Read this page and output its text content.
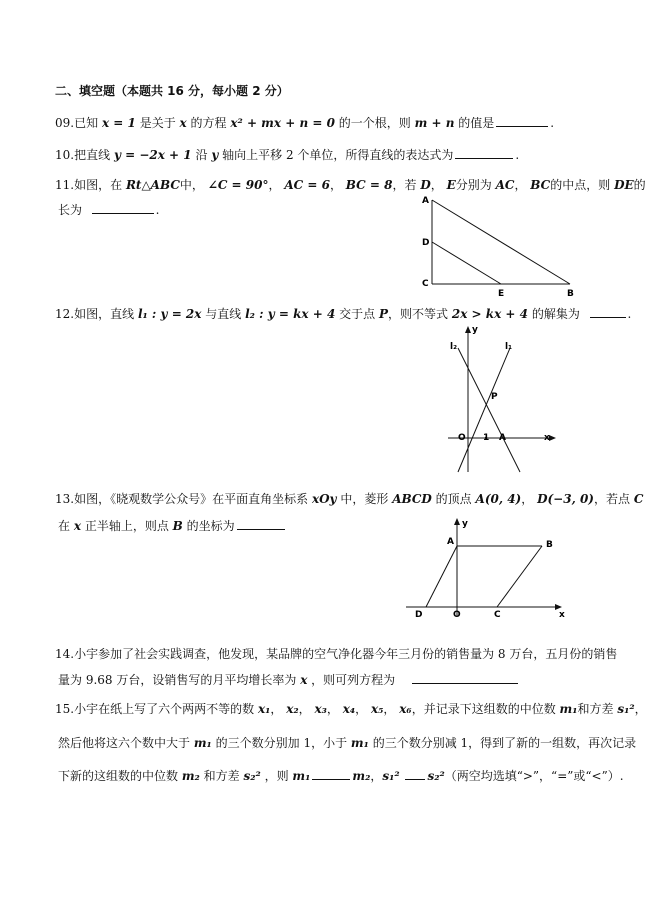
二、填空题（本题共 16 分，每小题 2 分）
09.已知 x = 1 是关于 x 的方程 x² + mx + n = 0 的一个根，则 m + n 的值是	.
10.把直线 y = −2x + 1 沿 y 轴向上平移 2 个单位，所得直线的表达式为	.
11.如图，在 Rt△ABC中， ∠C = 90°， AC = 6， BC = 8，若 D， E分别为 AC， BC的中点，则 DE的
长为	.
A
D
C
E	B
12.如图，直线 l₁ : y = 2x 与直线 l₂ : y = kx + 4 交于点 P，则不等式 2x > kx + 4 的解集为	.
y
l₂	l₁
P
O 1 A	x
13.如图，《晓观数学公众号》在平面直角坐标系 xOy 中，菱形 ABCD 的顶点 A(0, 4)， D(−3, 0)，若点 C
在 x 正半轴上，则点 B 的坐标为	y
A	B
D	O	C	x
14.小宇参加了社会实践调查，他发现，某品牌的空气净化器今年三月份的销售量为 8 万台，五月份的销售
量为 9.68 万台，设销售写的月平均增长率为 x ，则可列方程为
15.小宇在纸上写了六个两两不等的数 x₁， x₂， x₃， x₄， x₅， x₆，并记录下这组数的中位数 m₁和方差 s₁²，
然后他将这六个数中大于 m₁ 的三个数分别加 1，小于 m₁ 的三个数分别减 1，得到了新的一组数，再次记录
下新的这组数的中位数 m₂ 和方差 s₂² ，则 m₁	m₂，s₁² s₂²（两空均选填“>”，“=”或“<”）.
